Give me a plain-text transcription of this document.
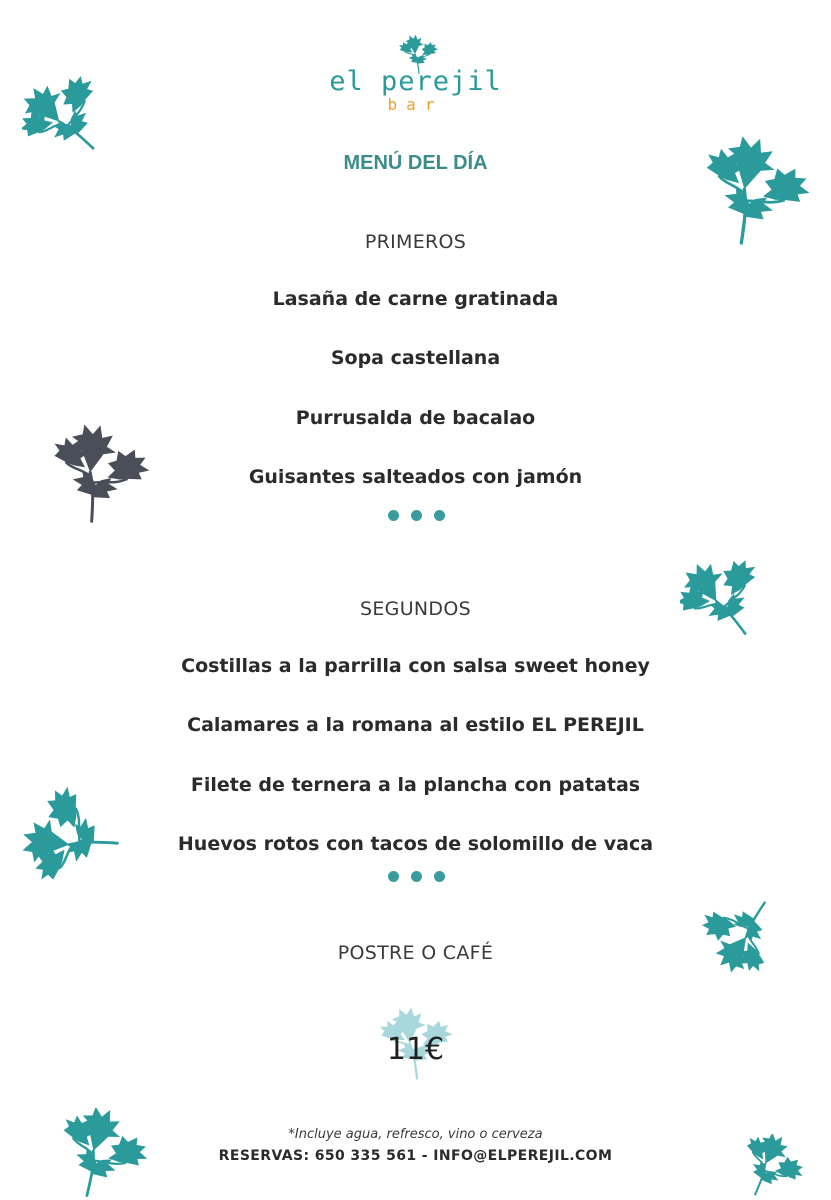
el perejil
bar
MENÚ DEL DÍA
PRIMEROS
Lasaña de carne gratinada
Sopa castellana
Purrusalda de bacalao
Guisantes salteados con jamón
SEGUNDOS
Costillas a la parrilla con salsa sweet honey
Calamares a la romana al estilo EL PEREJIL
Filete de ternera a la plancha con patatas
Huevos rotos con tacos de solomillo de vaca
POSTRE O CAFÉ
11€
*Incluye agua, refresco, vino o cerveza
RESERVAS: 650 335 561 - INFO@ELPEREJIL.COM
